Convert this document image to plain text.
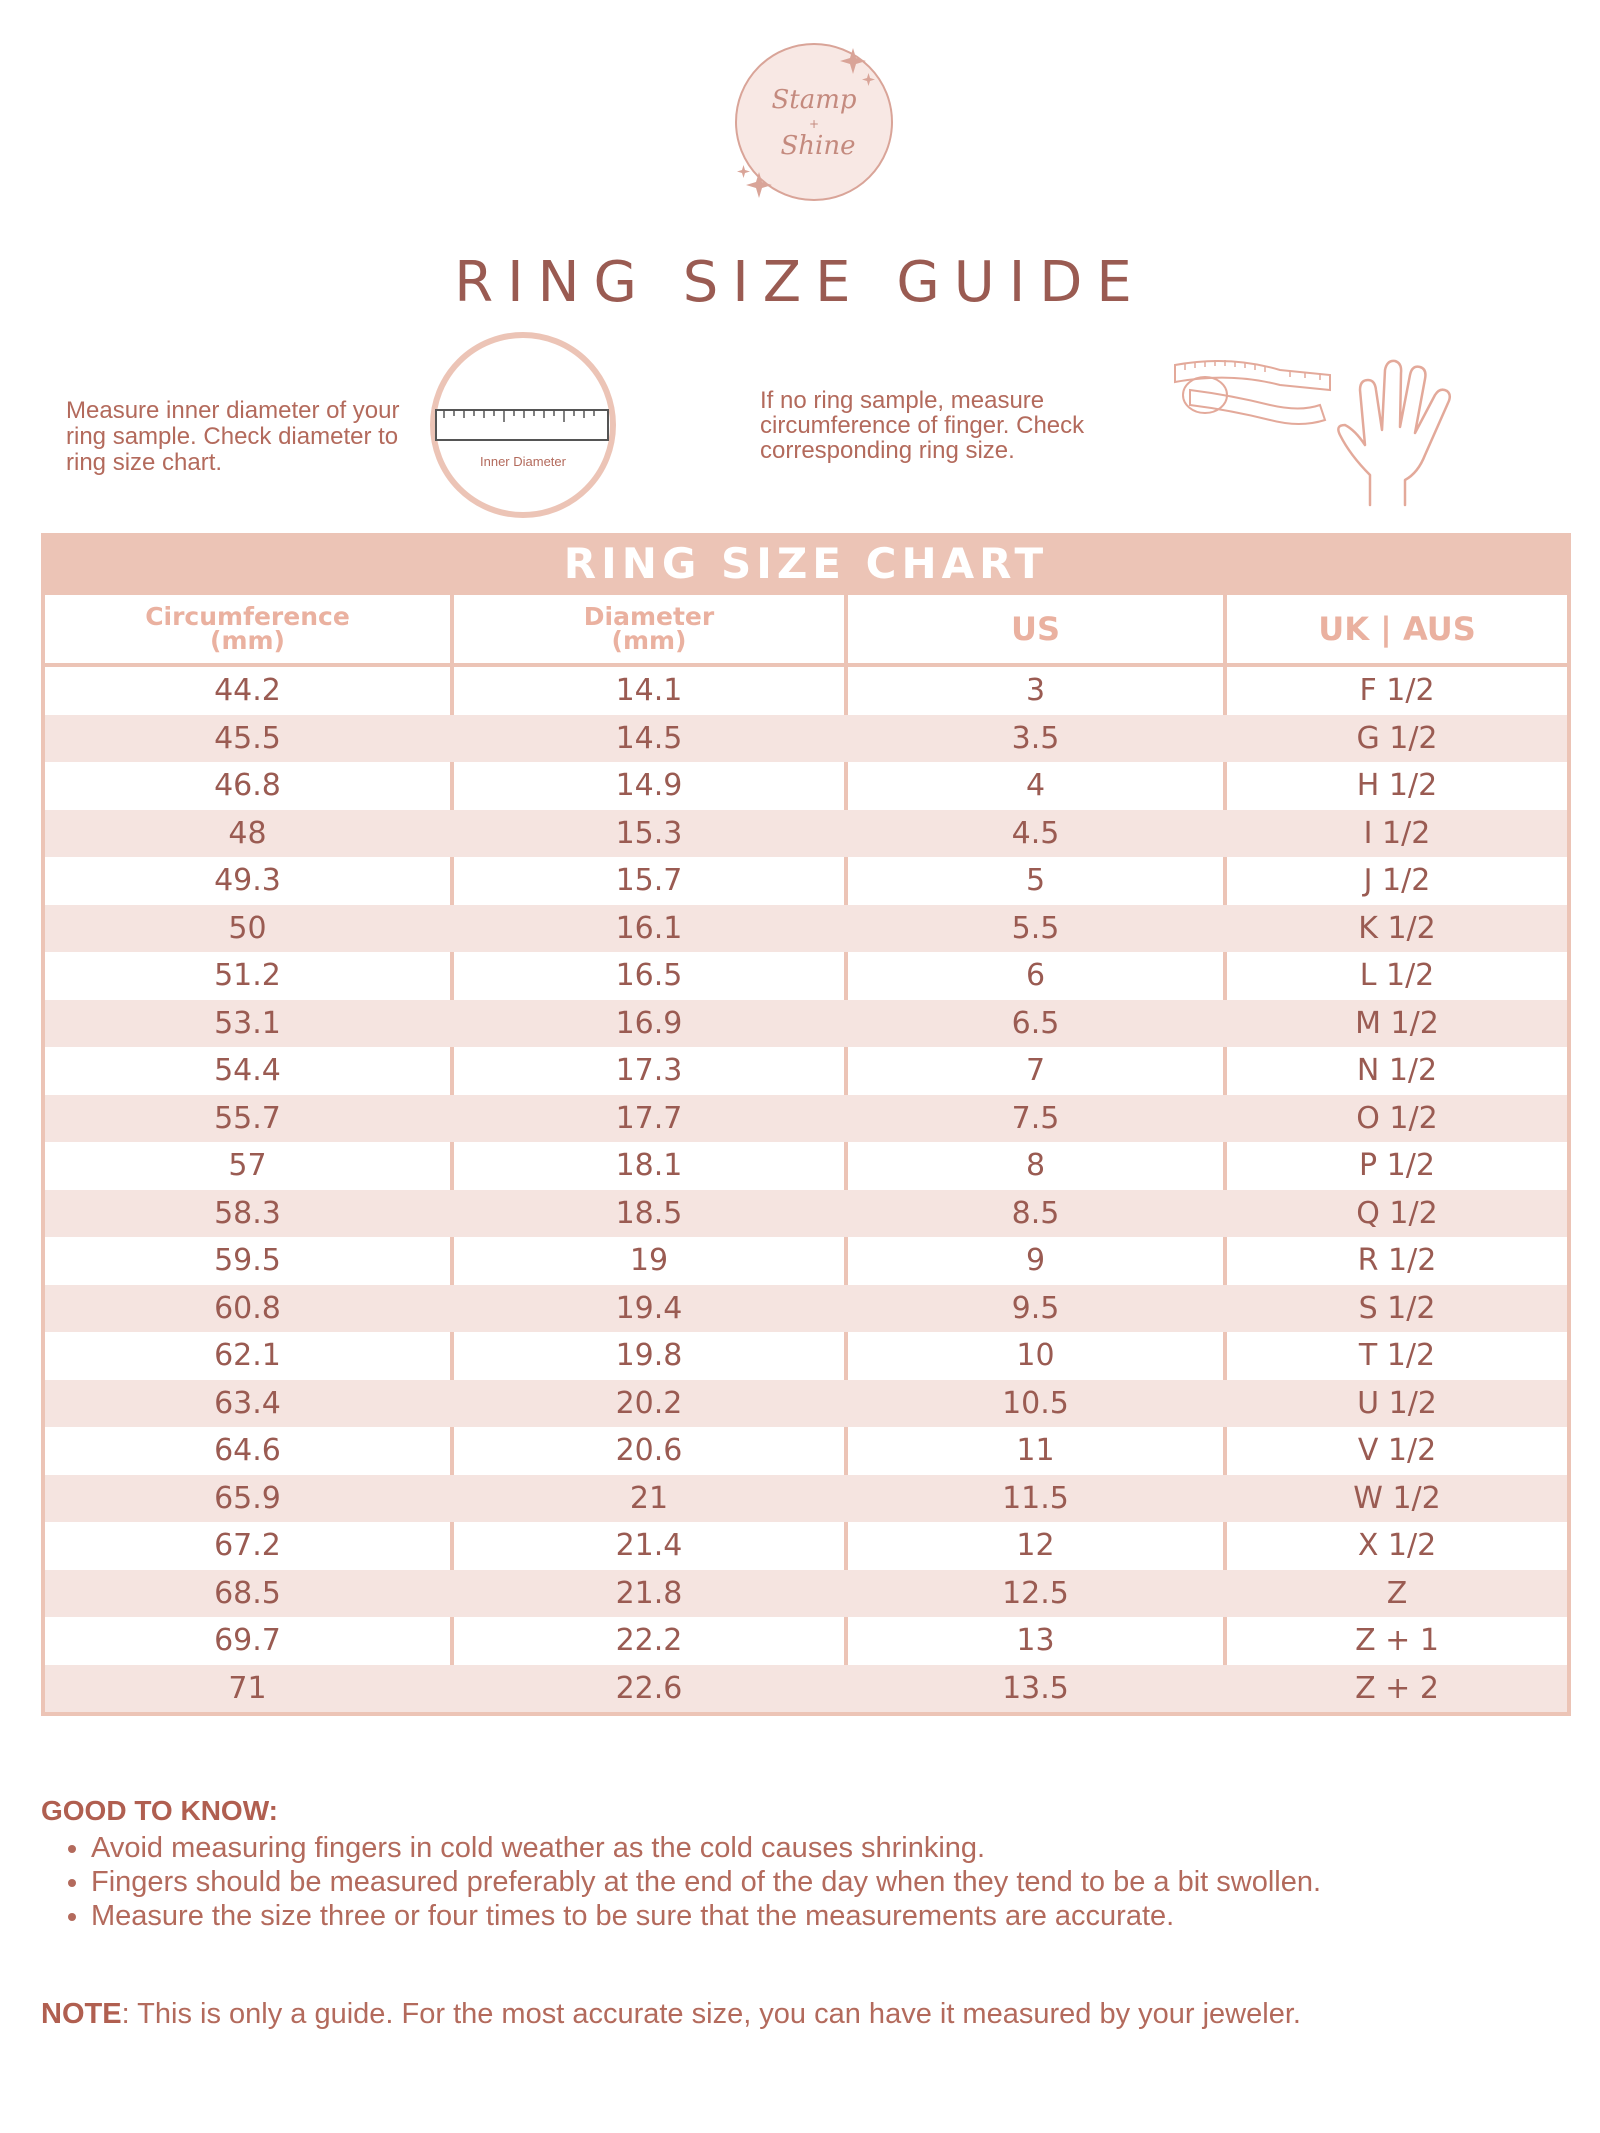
Stamp
+
Shine
RING SIZE GUIDE
Measure inner diameter of your ring sample. Check diameter to ring size chart.	Inner Diameter
If no ring sample, measure circumference of finger. Check corresponding ring size.
RING SIZE CHART
Circumference
(mm)
Diameter
(mm)	US	UK | AUS
44.2	14.1	3	F 1/2
45.5	14.5	3.5	G 1/2
46.8	14.9	4	H 1/2
48	15.3	4.5	I 1/2
49.3	15.7	5	J 1/2
50	16.1	5.5	K 1/2
51.2	16.5	6	L 1/2
53.1	16.9	6.5	M 1/2
54.4	17.3	7	N 1/2
55.7	17.7	7.5	O 1/2
57	18.1	8	P 1/2
58.3	18.5	8.5	Q 1/2
59.5	19	9	R 1/2
60.8	19.4	9.5	S 1/2
62.1	19.8	10	T 1/2
63.4	20.2	10.5	U 1/2
64.6	20.6	11	V 1/2
65.9	21	11.5	W 1/2
67.2	21.4	12	X 1/2
68.5	21.8	12.5	Z
69.7	22.2	13	Z + 1
71	22.6	13.5	Z + 2
GOOD TO KNOW:
Avoid measuring fingers in cold weather as the cold causes shrinking.
Fingers should be measured preferably at the end of the day when they tend to be a bit swollen.
Measure the size three or four times to be sure that the measurements are accurate.
NOTE: This is only a guide. For the most accurate size, you can have it measured by your jeweler.
